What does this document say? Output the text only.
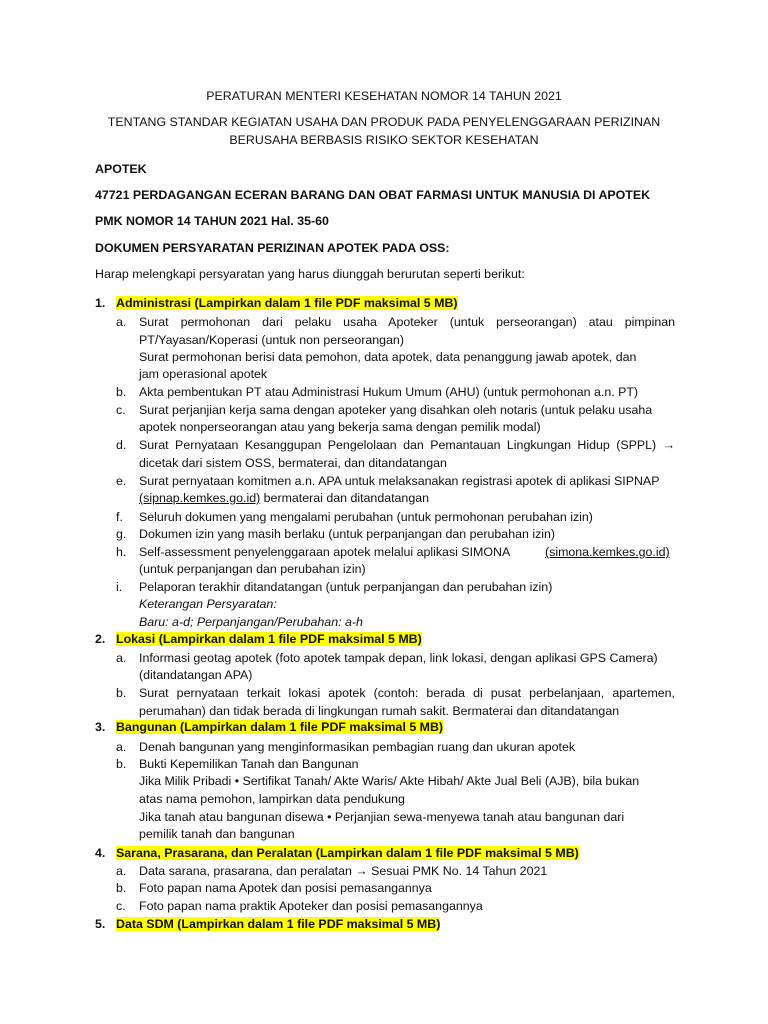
PERATURAN MENTERI KESEHATAN NOMOR 14 TAHUN 2021
TENTANG STANDAR KEGIATAN USAHA DAN PRODUK PADA PENYELENGGARAAN PERIZINAN
BERUSAHA BERBASIS RISIKO SEKTOR KESEHATAN
APOTEK
47721 PERDAGANGAN ECERAN BARANG DAN OBAT FARMASI UNTUK MANUSIA DI APOTEK
PMK NOMOR 14 TAHUN 2021 Hal. 35-60
DOKUMEN PERSYARATAN PERIZINAN APOTEK PADA OSS:
Harap melengkapi persyaratan yang harus diunggah berurutan seperti berikut:
1. Administrasi (Lampirkan dalam 1 file PDF maksimal 5 MB)
a. Surat permohonan dari pelaku usaha Apoteker (untuk perseorangan) atau pimpinan
PT/Yayasan/Koperasi (untuk non perseorangan)
Surat permohonan berisi data pemohon, data apotek, data penanggung jawab apotek, dan
jam operasional apotek
b. Akta pembentukan PT atau Administrasi Hukum Umum (AHU) (untuk permohonan a.n. PT)
c. Surat perjanjian kerja sama dengan apoteker yang disahkan oleh notaris (untuk pelaku usaha
apotek nonperseorangan atau yang bekerja sama dengan pemilik modal)
d. Surat Pernyataan Kesanggupan Pengelolaan dan Pemantauan Lingkungan Hidup (SPPL) →
dicetak dari sistem OSS, bermaterai, dan ditandatangan
e. Surat pernyataan komitmen a.n. APA untuk melaksanakan registrasi apotek di aplikasi SIPNAP
(sipnap.kemkes.go.id) bermaterai dan ditandatangan
f. Seluruh dokumen yang mengalami perubahan (untuk permohonan perubahan izin)
g. Dokumen izin yang masih berlaku (untuk perpanjangan dan perubahan izin)
h. Self-assessment penyelenggaraan apotek melalui aplikasi SIMONA	(simona.kemkes.go.id)
(untuk perpanjangan dan perubahan izin)
i. Pelaporan terakhir ditandatangan (untuk perpanjangan dan perubahan izin)
Keterangan Persyaratan:
Baru: a-d; Perpanjangan/Perubahan: a-h
2. Lokasi (Lampirkan dalam 1 file PDF maksimal 5 MB)
a. Informasi geotag apotek (foto apotek tampak depan, link lokasi, dengan aplikasi GPS Camera)
(ditandatangan APA)
b. Surat pernyataan terkait lokasi apotek (contoh: berada di pusat perbelanjaan, apartemen,
perumahan) dan tidak berada di lingkungan rumah sakit. Bermaterai dan ditandatangan
3. Bangunan (Lampirkan dalam 1 file PDF maksimal 5 MB)
a. Denah bangunan yang menginformasikan pembagian ruang dan ukuran apotek
b. Bukti Kepemilikan Tanah dan Bangunan
Jika Milik Pribadi • Sertifikat Tanah/ Akte Waris/ Akte Hibah/ Akte Jual Beli (AJB), bila bukan
atas nama pemohon, lampirkan data pendukung
Jika tanah atau bangunan disewa • Perjanjian sewa-menyewa tanah atau bangunan dari
pemilik tanah dan bangunan
4. Sarana, Prasarana, dan Peralatan (Lampirkan dalam 1 file PDF maksimal 5 MB)
a. Data sarana, prasarana, dan peralatan → Sesuai PMK No. 14 Tahun 2021
b. Foto papan nama Apotek dan posisi pemasangannya
c. Foto papan nama praktik Apoteker dan posisi pemasangannya
5. Data SDM (Lampirkan dalam 1 file PDF maksimal 5 MB)
